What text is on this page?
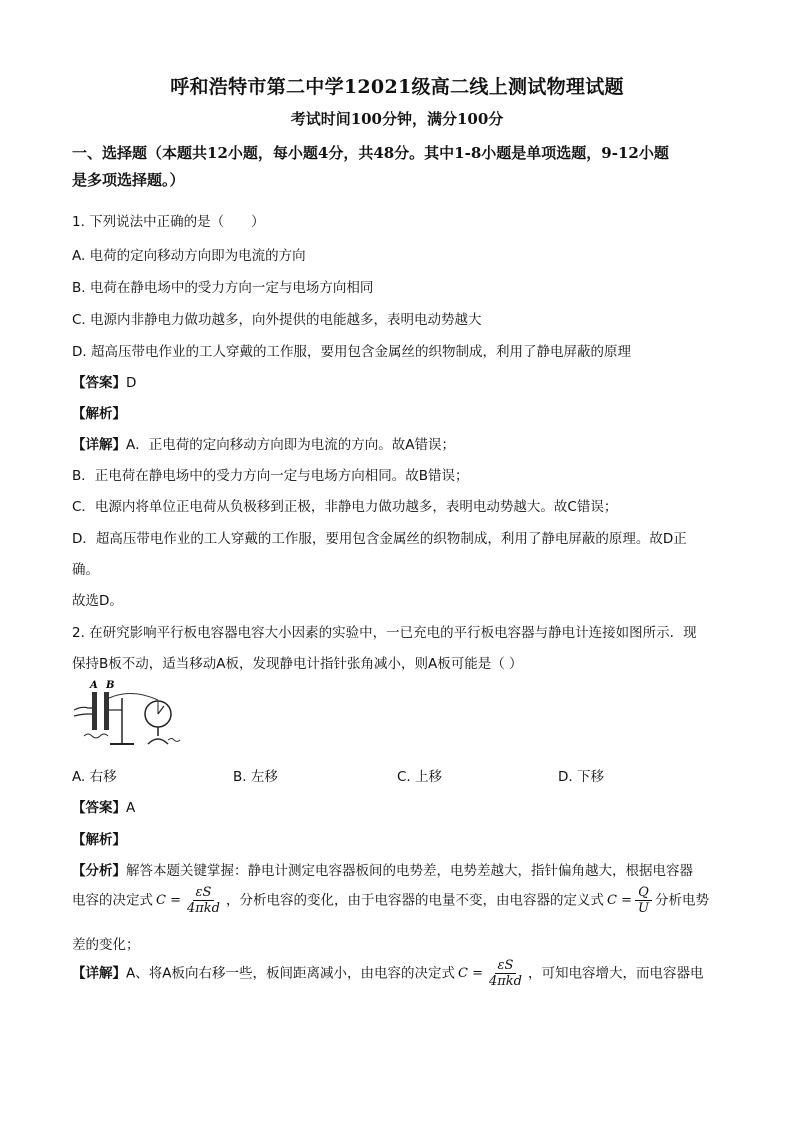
呼和浩特市第二中学12021级高二线上测试物理试题
考试时间100分钟，满分100分
一、选择题（本题共12小题，每小题4分，共48分。其中1-8小题是单项选题，9-12小题
是多项选择题。）
1. 下列说法中正确的是（　　）
A. 电荷的定向移动方向即为电流的方向
B. 电荷在静电场中的受力方向一定与电场方向相同
C. 电源内非静电力做功越多，向外提供的电能越多，表明电动势越大
D. 超高压带电作业的工人穿戴的工作服，要用包含金属丝的织物制成，利用了静电屏蔽的原理
【答案】D
【解析】
【详解】A．正电荷的定向移动方向即为电流的方向。故A错误；
B．正电荷在静电场中的受力方向一定与电场方向相同。故B错误；
C．电源内将单位正电荷从负极移到正极，非静电力做功越多，表明电动势越大。故C错误；
D．超高压带电作业的工人穿戴的工作服，要用包含金属丝的织物制成，利用了静电屏蔽的原理。故D正
确。
故选D。
2. 在研究影响平行板电容器电容大小因素的实验中，一已充电的平行板电容器与静电计连接如图所示．现
保持B板不动，适当移动A板，发现静电计指针张角减小，则A板可能是（ ）
A B
A. 右移	B. 左移	C. 上移	D. 下移
【答案】A
【解析】
【分析】解答本题关键掌握：静电计测定电容器板间的电势差，电势差越大，指针偏角越大，根据电容器
电容的决定式 $C = \frac{\varepsilon S}{\text{4πkd}}$ ，分析电容的变化，由于电容器的电量不变，由电容器的定义式 $C = \frac{Q}{U}$ 分析电势
差的变化；
【详解】A、将A板向右移一些，板间距离减小，由电容的决定式 $C = \frac{\varepsilon S}{\text{4πkd}}$ ，可知电容增大，而电容器电
